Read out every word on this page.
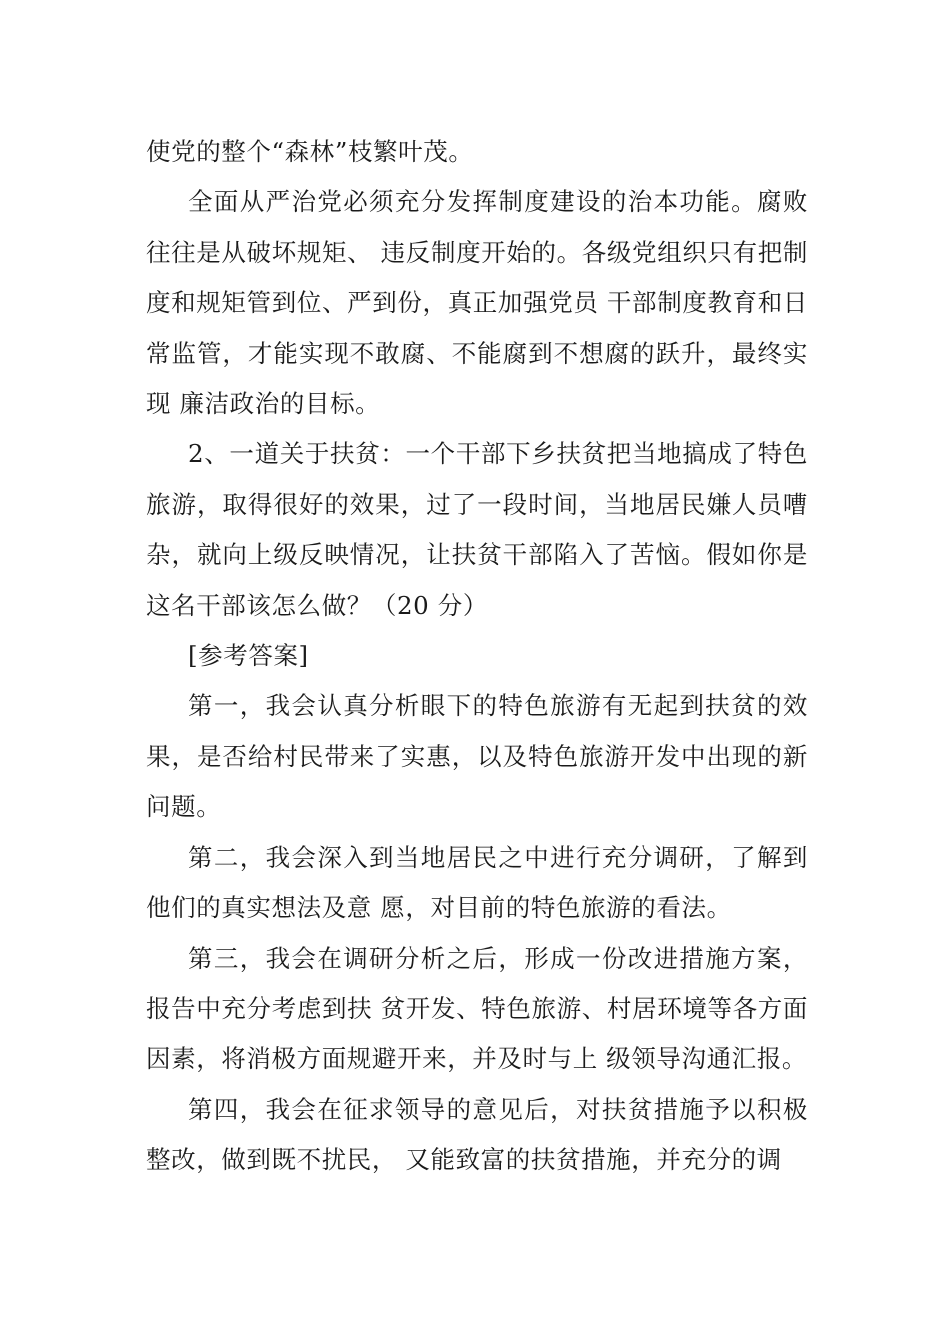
使党的整个“森林”枝繁叶茂。

全面从严治党必须充分发挥制度建设的治本功能。腐败往往是从破坏规矩、 违反制度开始的。各级党组织只有把制度和规矩管到位、严到份，真正加强党员 干部制度教育和日常监管，才能实现不敢腐、不能腐到不想腐的跃升，最终实现 廉洁政治的目标。

2、一道关于扶贫：一个干部下乡扶贫把当地搞成了特色旅游，取得很好的效果，过了一段时间，当地居民嫌人员嘈杂，就向上级反映情况，让扶贫干部陷入了苦恼。假如你是这名干部该怎么做？（20 分）

[参考答案]

第一，我会认真分析眼下的特色旅游有无起到扶贫的效果，是否给村民带来了实惠，以及特色旅游开发中出现的新问题。

第二，我会深入到当地居民之中进行充分调研，了解到他们的真实想法及意 愿，对目前的特色旅游的看法。

第三，我会在调研分析之后，形成一份改进措施方案，报告中充分考虑到扶 贫开发、特色旅游、村居环境等各方面因素，将消极方面规避开来，并及时与上 级领导沟通汇报。

第四，我会在征求领导的意见后，对扶贫措施予以积极整改，做到既不扰民， 又能致富的扶贫措施，并充分的调
